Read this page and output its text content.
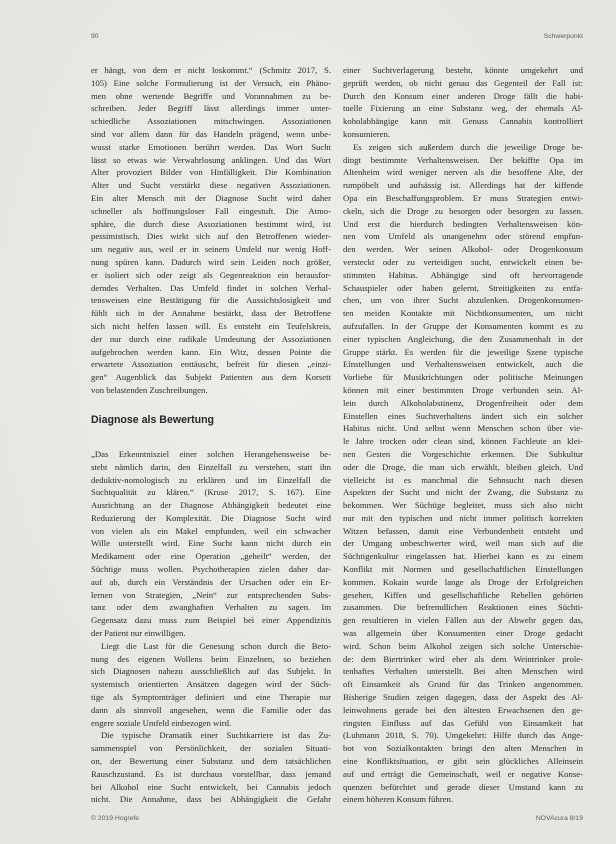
90	Schwerpunkt
er hängt, von dem er nicht loskommt.“ (Schmitz 2017, S.
105) Eine solche Formulierung ist der Versuch, ein Phäno-
men ohne wertende Begriffe und Vorannahmen zu be-
schreiben. Jeder Begriff lässt allerdings immer unter-
schiedliche Assoziationen mitschwingen. Assoziationen
sind vor allem dann für das Handeln prägend, wenn unbe-
wusst starke Emotionen berührt werden. Das Wort Sucht
lässt so etwas wie Verwahrlosung anklingen. Und das Wort
Alter provoziert Bilder von Hinfälligkeit. Die Kombination
Alter und Sucht verstärkt diese negativen Assoziationen.
Ein alter Mensch mit der Diagnose Sucht wird daher
schneller als hoffnungsloser Fall eingestuft. Die Atmo-
sphäre, die durch diese Assoziationen bestimmt wird, ist
pessimistisch. Dies wirkt sich auf den Betroffenen wieder-
um negativ aus, weil er in seinem Umfeld nur wenig Hoff-
nung spüren kann. Dadurch wird sein Leiden noch größer,
er isoliert sich oder zeigt als Gegenreaktion ein herausfor-
derndes Verhalten. Das Umfeld findet in solchen Verhal-
tensweisen eine Bestätigung für die Aussichtslosigkeit und
fühlt sich in der Annahme bestärkt, dass der Betroffene
sich nicht helfen lassen will. Es entsteht ein Teufelskreis,
der nur durch eine radikale Umdeutung der Assoziationen
aufgebrochen werden kann. Ein Witz, dessen Pointe die
erwartete Assoziation enttäuscht, befreit für diesen „einzi-
gen“ Augenblick das Subjekt Patienten aus dem Korsett
von belastenden Zuschreibungen.
Diagnose als Bewertung
„Das Erkenntnisziel einer solchen Herangehensweise be-
steht nämlich darin, den Einzelfall zu verstehen, statt ihn
deduktiv-nomologisch zu erklären und im Einzelfall die
Suchtqualität zu klären.“ (Kruse 2017, S. 167). Eine
Ausrichtung an der Diagnose Abhängigkeit bedeutet eine
Reduzierung der Komplexität. Die Diagnose Sucht wird
von vielen als ein Makel empfunden, weil ein schwacher
Wille unterstellt wird. Eine Sucht kann nicht durch ein
Medikament oder eine Operation „geheilt“ werden, der
Süchtige muss wollen. Psychotherapien zielen daher dar-
auf ab, durch ein Verständnis der Ursachen oder ein Er-
lernen von Strategien, „Nein“ zur entsprechenden Subs-
tanz oder dem zwanghaften Verhalten zu sagen. Im
Gegensatz dazu muss zum Beispiel bei einer Appendizitis
der Patient nur einwilligen.
Liegt die Last für die Genesung schon durch die Beto-
nung des eigenen Wollens beim Einzelnen, so beziehen
sich Diagnosen nahezu ausschließlich auf das Subjekt. In
systemisch orientierten Ansätzen dagegen wird der Süch-
tige als Symptomträger definiert und eine Therapie nur
dann als sinnvoll angesehen, wenn die Familie oder das
engere soziale Umfeld einbezogen wird.
Die typische Dramatik einer Suchtkarriere ist das Zu-
sammenspiel von Persönlichkeit, der sozialen Situati-
on, der Bewertung einer Substanz und dem tatsächlichen
Rauschzustand. Es ist durchaus vorstellbar, dass jemand
bei Alkohol eine Sucht entwickelt, bei Cannabis jedoch
nicht. Die Annahme, dass bei Abhängigkeit die Gefahr
einer Suchtverlagerung besteht, könnte umgekehrt und
geprüft werden, ob nicht genau das Gegenteil der Fall ist:
Durch den Konsum einer anderen Droge fällt die habi-
tuelle Fixierung an eine Substanz weg, der ehemals Al-
koholabhängige kann mit Genuss Cannabis kontrolliert
konsumieren.
Es zeigen sich außerdem durch die jeweilige Droge be-
dingt bestimmte Verhaltensweisen. Der bekiffte Opa im
Altenheim wird weniger nerven als die besoffene Alte, der
rumpöbelt und aufsässig ist. Allerdings hat der kiffende
Opa ein Beschaffungsproblem. Er muss Strategien entwi-
ckeln, sich die Droge zu besorgen oder besorgen zu lassen.
Und erst die hierdurch bedingten Verhaltensweisen kön-
nen vom Umfeld als unangenehm oder störend empfun-
den werden. Wer seinen Alkohol- oder Drogenkonsum
versteckt oder zu verteidigen sucht, entwickelt einen be-
stimmten Habitus. Abhängige sind oft hervorragende
Schauspieler oder haben gelernt, Streitigkeiten zu entfa-
chen, um von ihrer Sucht abzulenken. Drogenkonsumen-
ten meiden Kontakte mit Nichtkonsumenten, um nicht
aufzufallen. In der Gruppe der Konsumenten kommt es zu
einer typischen Angleichung, die den Zusammenhalt in der
Gruppe stärkt. Es werden für die jeweilige Szene typische
Einstellungen und Verhaltensweisen entwickelt, auch die
Vorliebe für Musikrichtungen oder politische Meinungen
können mit einer bestimmten Droge verbunden sein. Al-
lein durch Alkoholabstinenz, Drogenfreiheit oder dem
Einstellen eines Suchtverhaltens ändert sich ein solcher
Habitus nicht. Und selbst wenn Menschen schon über vie-
le Jahre trocken oder clean sind, können Fachleute an klei-
nen Gesten die Vorgeschichte erkennen. Die Subkultur
oder die Droge, die man sich erwählt, bleiben gleich. Und
vielleicht ist es manchmal die Sehnsucht nach diesen
Aspekten der Sucht und nicht der Zwang, die Substanz zu
bekommen. Wer Süchtige begleitet, muss sich also nicht
nur mit den typischen und nicht immer politisch korrekten
Witzen befassen, damit eine Verbundenheit entsteht und
der Umgang unbeschwerter wird, weil man sich auf die
Süchtigenkultur eingelassen hat. Hierbei kann es zu einem
Konflikt mit Normen und gesellschaftlichen Einstellungen
kommen. Kokain wurde lange als Droge der Erfolgreichen
gesehen, Kiffen und gesellschaftliche Rebellen gehörten
zusammen. Die befremdlichen Reaktionen eines Süchti-
gen resultieren in vielen Fällen aus der Abwehr gegen das,
was allgemein über Konsumenten einer Droge gedacht
wird. Schon beim Alkohol zeigen sich solche Unterschie-
de: dem Biertrinker wird eher als dem Weintrinker prole-
tenhaftes Verhalten unterstellt. Bei alten Menschen wird
oft Einsamkeit als Grund für das Trinken angenommen.
Bisherige Studien zeigen dagegen, dass der Aspekt des Al-
leinwohnens gerade bei den ältesten Erwachsenen den ge-
ringsten Einfluss auf das Gefühl von Einsamkeit hat
(Luhmann 2018, S. 70). Umgekehrt: Hilfe durch das Ange-
bot von Sozialkontakten bringt den alten Menschen in
eine Konfliktsituation, er gibt sein glückliches Alleinsein
auf und erträgt die Gemeinschaft, weil er negative Konse-
quenzen befürchtet und gerade dieser Umstand kann zu
einem höheren Konsum führen.
© 2019 Hogrefe	NOVAcura 8/19
